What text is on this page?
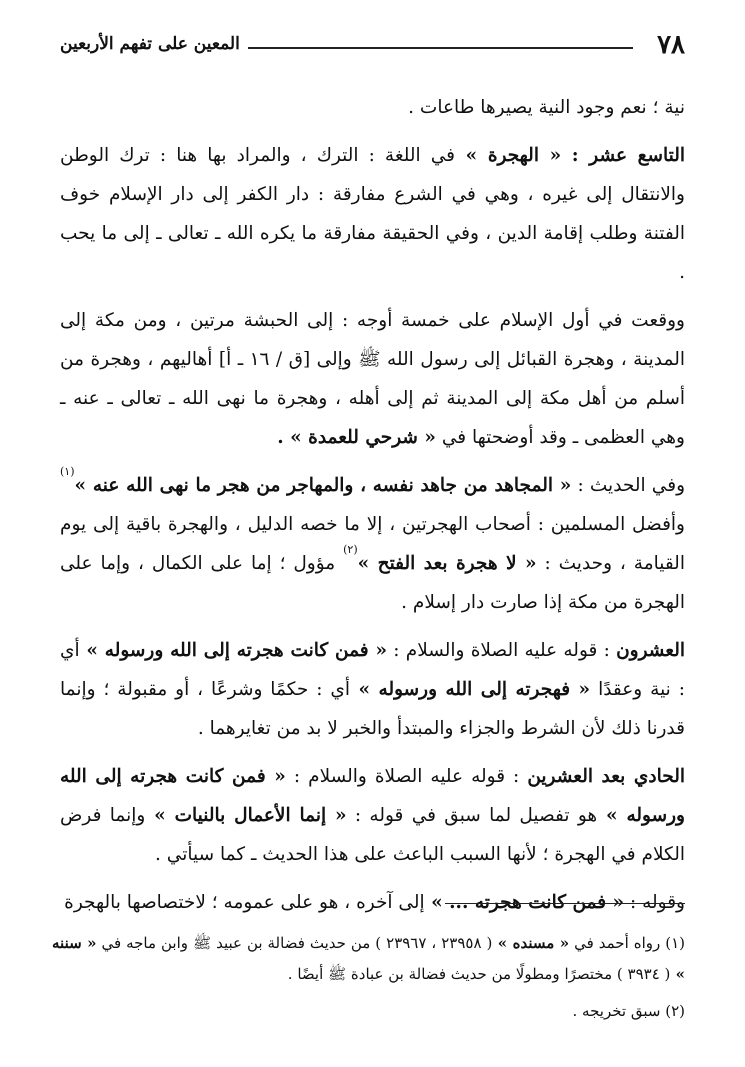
٧٨
المعين على تفهم الأربعين

نية ؛ نعم وجود النية يصيرها طاعات .

التاسع عشر : « الهجرة » في اللغة : الترك ، والمراد بها هنا : ترك الوطن والانتقال إلى غيره ، وهي في الشرع مفارقة : دار الكفر إلى دار الإسلام خوف الفتنة وطلب إقامة الدين ، وفي الحقيقة مفارقة ما يكره الله ـ تعالى ـ إلى ما يحب .

ووقعت في أول الإسلام على خمسة أوجه : إلى الحبشة مرتين ، ومن مكة إلى المدينة ، وهجرة القبائل إلى رسول الله ﷺ وإلى [ق / ١٦ ـ أ] أهاليهم ، وهجرة من أسلم من أهل مكة إلى المدينة ثم إلى أهله ، وهجرة ما نهى الله ـ تعالى ـ عنه ـ وهي العظمى ـ وقد أوضحتها في « شرحي للعمدة » .

وفي الحديث : « المجاهد من جاهد نفسه ، والمهاجر من هجر ما نهى الله عنه »$^{(١)}$ وأفضل المسلمين : أصحاب الهجرتين ، إلا ما خصه الدليل ، والهجرة باقية إلى يوم القيامة ، وحديث : « لا هجرة بعد الفتح »$^{(٢)}$ مؤول ؛ إما على الكمال ، وإما على الهجرة من مكة إذا صارت دار إسلام .

العشرون : قوله عليه الصلاة والسلام : « فمن كانت هجرته إلى الله ورسوله » أي : نية وعقدًا « فهجرته إلى الله ورسوله » أي : حكمًا وشرعًا ، أو مقبولة ؛ وإنما قدرنا ذلك لأن الشرط والجزاء والمبتدأ والخبر لا بد من تغايرهما .

الحادي بعد العشرين : قوله عليه الصلاة والسلام : « فمن كانت هجرته إلى الله ورسوله » هو تفصيل لما سبق في قوله : « إنما الأعمال بالنيات » وإنما فرض الكلام في الهجرة ؛ لأنها السبب الباعث على هذا الحديث ـ كما سيأتي .

وقوله : « فمن كانت هجرته ... » إلى آخره ، هو على عمومه ؛ لاختصاصها بالهجرة

(١) رواه أحمد في « مسنده » ( ٢٣٩٥٨ ، ٢٣٩٦٧ ) من حديث فضالة بن عبيد ﷺ وابن ماجه في « سننه » ( ٣٩٣٤ ) مختصرًا ومطولًا من حديث فضالة بن عبادة ﷺ أيضًا .

(٢) سبق تخريجه .
